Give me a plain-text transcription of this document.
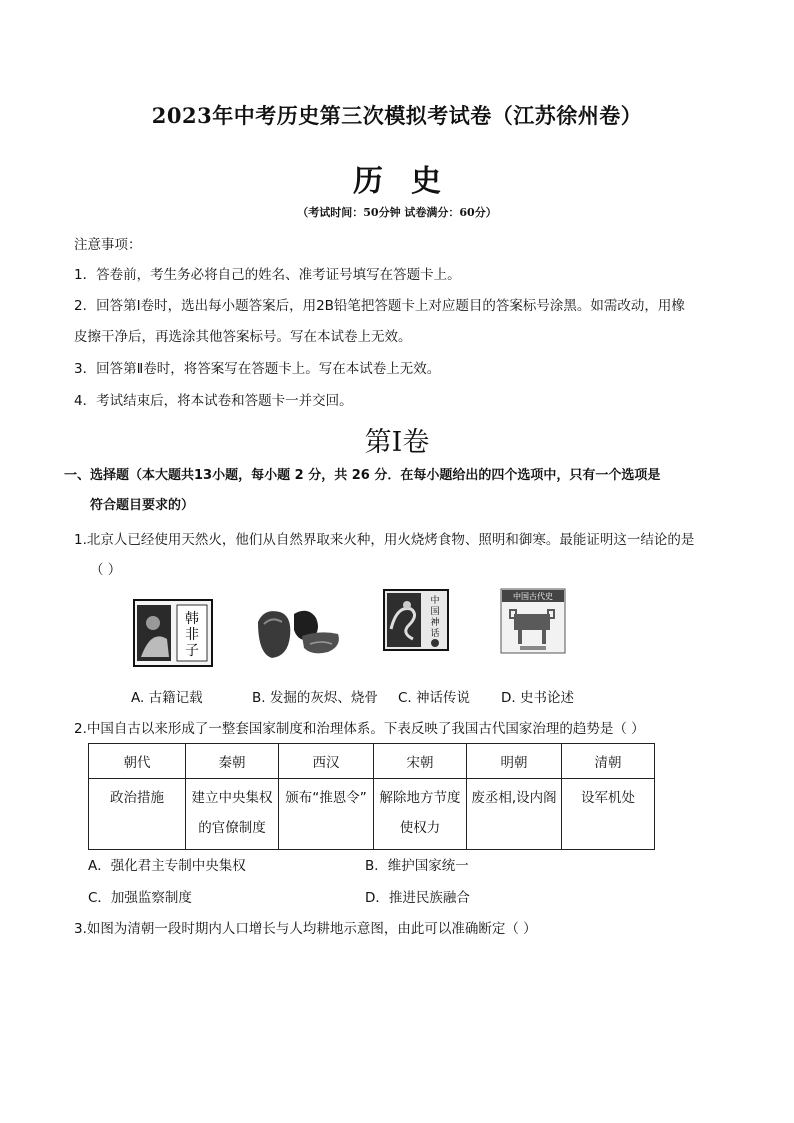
2023年中考历史第三次模拟考试卷（江苏徐州卷）
历史
（考试时间：50分钟 试卷满分：60分）
注意事项：
1．答卷前，考生务必将自己的姓名、准考证号填写在答题卡上。
2．回答第Ⅰ卷时，选出每小题答案后，用2B铅笔把答题卡上对应题目的答案标号涂黑。如需改动，用橡
皮擦干净后，再选涂其他答案标号。写在本试卷上无效。
3．回答第Ⅱ卷时，将答案写在答题卡上。写在本试卷上无效。
4．考试结束后，将本试卷和答题卡一并交回。
第Ⅰ卷
一、选择题（本大题共13小题，每小题 2 分，共 26 分．在每小题给出的四个选项中，只有一个选项是
符合题目要求的）
1.北京人已经使用天然火，他们从自然界取来火种，用火烧烤食物、照明和御寒。最能证明这一结论的是
（ ）
韩
非
子
中
国
神
话
中国古代史
A. 古籍记载	B. 发掘的灰烬、烧骨 C. 神话传说 D. 史书论述
2.中国自古以来形成了一整套国家制度和治理体系。下表反映了我国古代国家治理的趋势是（ ）
朝代	秦朝	西汉	宋朝	明朝	清朝
政治措施	建立中央集权的官僚制度	颁布“推恩令”	解除地方节度使权力	废丞相,设内阁	设军机处
A．强化君主专制中央集权	B．维护国家统一
C．加强监察制度	D．推进民族融合
3.如图为清朝一段时期内人口增长与人均耕地示意图，由此可以准确断定（ ）
